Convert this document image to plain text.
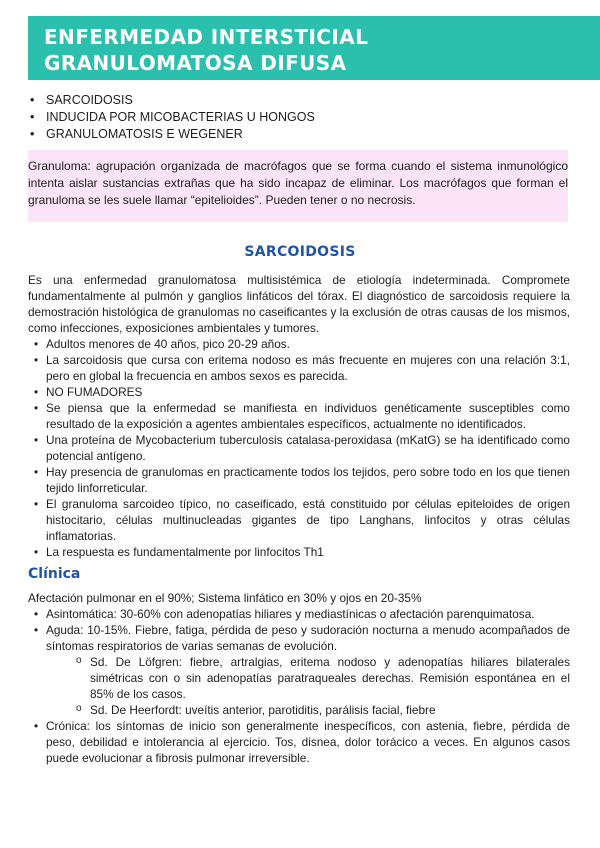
ENFERMEDAD INTERSTICIAL GRANULOMATOSA DIFUSA
• SARCOIDOSIS
• INDUCIDA POR MICOBACTERIAS U HONGOS
• GRANULOMATOSIS E WEGENER
Granuloma: agrupación organizada de macrófagos que se forma cuando el sistema inmunológico intenta aislar sustancias extrañas que ha sido incapaz de eliminar. Los macrófagos que forman el granuloma se les suele llamar “epitelioides”. Pueden tener o no necrosis.
SARCOIDOSIS

Es una enfermedad granulomatosa multisistémica de etiología indeterminada. Compromete fundamentalmente al pulmón y ganglios linfáticos del tórax. El diagnóstico de sarcoidosis requiere la demostración histológica de granulomas no caseificantes y la exclusión de otras causas de los mismos, como infecciones, exposiciones ambientales y tumores.

• Adultos menores de 40 años, pico 20-29 años.
• La sarcoidosis que cursa con eritema nodoso es más frecuente en mujeres con una relación 3:1, pero en global la frecuencia en ambos sexos es parecida.
• NO FUMADORES
• Se piensa que la enfermedad se manifiesta en individuos genéticamente susceptibles como resultado de la exposición a agentes ambientales específicos, actualmente no identificados.
• Una proteína de Mycobacterium tuberculosis catalasa-peroxidasa (mKatG) se ha identificado como potencial antígeno.
• Hay presencia de granulomas en practicamente todos los tejidos, pero sobre todo en los que tienen tejido linforreticular.
• El granuloma sarcoideo típico, no caseificado, está constituido por células epiteloides de origen histocitario, células multinucleadas gigantes de tipo Langhans, linfocitos y otras células inflamatorias.
• La respuesta es fundamentalmente por linfocitos Th1
Clínica

Afectación pulmonar en el 90%; Sistema linfático en 30% y ojos en 20-35%

• Asintomática: 30-60% con adenopatías hiliares y mediastínicas o afectación parenquimatosa.
• Aguda: 10-15%. Fiebre, fatiga, pérdida de peso y sudoración nocturna a menudo acompañados de síntomas respiratorios de varias semanas de evolución.
o Sd. De Löfgren: fiebre, artralgias, eritema nodoso y adenopatías hiliares bilaterales simétricas con o sin adenopatías paratraqueales derechas. Remisión espontánea en el 85% de los casos.
o Sd. De Heerfordt: uveítis anterior, parotiditis, parálisis facial, fiebre
• Crónica: los síntomas de inicio son generalmente inespecíficos, con astenia, fiebre, pérdida de peso, debilidad e intolerancia al ejercicio. Tos, disnea, dolor torácico a veces. En algunos casos puede evolucionar a fibrosis pulmonar irreversible.
